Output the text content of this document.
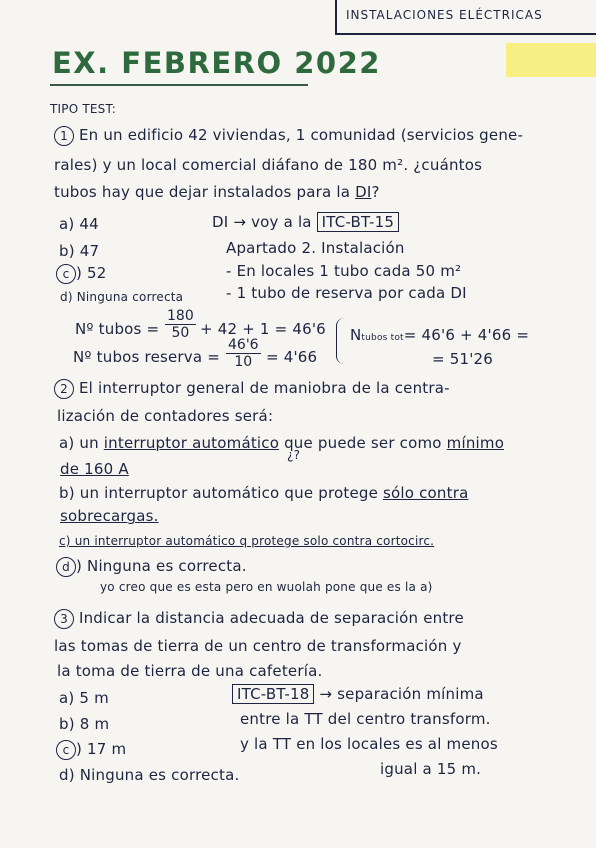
INSTALACIONES ELÉCTRICAS
EX. FEBRERO 2022
TIPO TEST:
1 En un edificio 42 viviendas, 1 comunidad (servicios gene-
rales) y un local comercial diáfano de 180 m². ¿cuántos
tubos hay que dejar instalados para la DI?
a) 44
b) 47
c ) 52
d) Ninguna correcta
DI → voy a la ITC-BT-15
Apartado 2. Instalación
- En locales 1 tubo cada 50 m²
- 1 tubo de reserva por cada DI
Nº tubos = $\frac{180}{50} + 42 + 1 = 46'6$
Nº tubos reserva = $\frac{46'6}{10} = 4'66$
Ntubos tot= 46'6 + 4'66 =
= 51'26
2 El interruptor general de maniobra de la centra-
lización de contadores será:
a) un interruptor automático que puede ser como mínimo
de 160 A
¿?
b) un interruptor automático que protege sólo contra
sobrecargas.
c) un interruptor automático q protege solo contra cortocirc.
d ) Ninguna es correcta.
yo creo que es esta pero en wuolah pone que es la a)
3 Indicar la distancia adecuada de separación entre
las tomas de tierra de un centro de transformación y
la toma de tierra de una cafetería.
a) 5 m
b) 8 m
c ) 17 m
d) Ninguna es correcta.
ITC-BT-18 → separación mínima
entre la TT del centro transform.
y la TT en los locales es al menos
igual a 15 m.
